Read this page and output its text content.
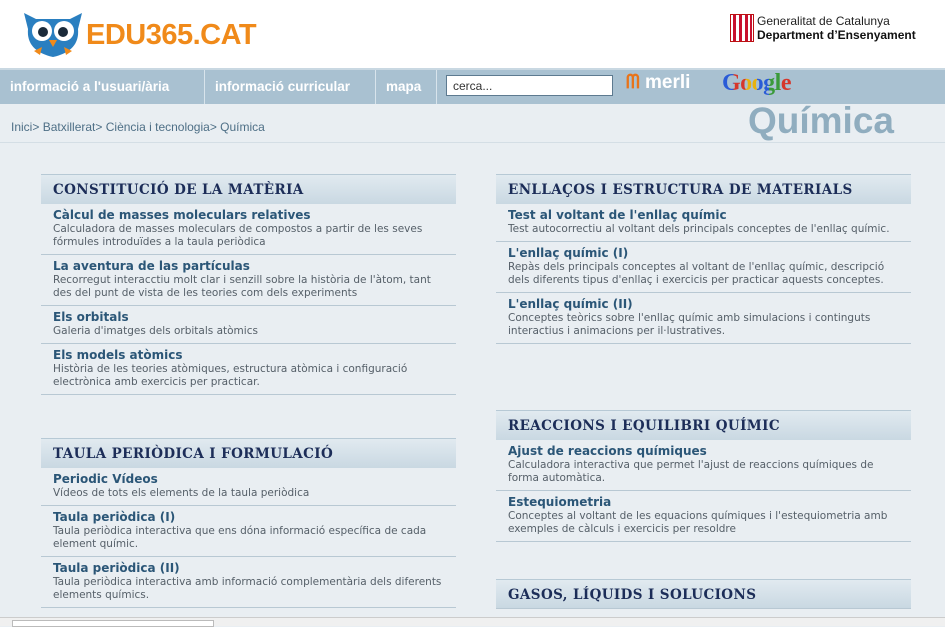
EDU365.CAT	Generalitat de Catalunya
Department d’Ensenyament
informació a l'usuari/ària	informació curricular	mapa
cerca...	ᗰ merli Google
Inici> Batxillerat> Ciència i tecnologia> Química	Química
CONSTITUCIÓ DE LA MATÈRIA
Càlcul de masses moleculars relatives
Calculadora de masses moleculars de compostos a partir de les seves fórmules introduïdes a la taula periòdica
La aventura de las partículas
Recorregut interacctiu molt clar i senzill sobre la història de l'àtom, tant des del punt de vista de les teories com dels experiments
Els orbitals
Galeria d'imatges dels orbitals atòmics
Els models atòmics
Història de les teories atòmiques, estructura atòmica i configuració electrònica amb exercicis per practicar.
TAULA PERIÒDICA I FORMULACIÓ
Periodic Vídeos
Vídeos de tots els elements de la taula periòdica
Taula periòdica (I)
Taula periòdica interactiva que ens dóna informació específica de cada element químic.
Taula periòdica (II)
Taula periòdica interactiva amb informació complementària dels diferents elements químics.
ENLLAÇOS I ESTRUCTURA DE MATERIALS
Test al voltant de l'enllaç químic
Test autocorrectiu al voltant dels principals conceptes de l'enllaç químic.
L'enllaç químic (I)
Repàs dels principals conceptes al voltant de l'enllaç químic, descripció dels diferents tipus d'enllaç i exercicis per practicar aquests conceptes.
L'enllaç químic (II)
Conceptes teòrics sobre l'enllaç químic amb simulacions i continguts interactius i animacions per il·lustratives.
REACCIONS I EQUILIBRI QUÍMIC
Ajust de reaccions químiques
Calculadora interactiva que permet l'ajust de reaccions químiques de forma automàtica.
Estequiometria
Conceptes al voltant de les equacions químiques i l'estequiometria amb exemples de càlculs i exercicis per resoldre
GASOS, LÍQUIDS I SOLUCIONS
